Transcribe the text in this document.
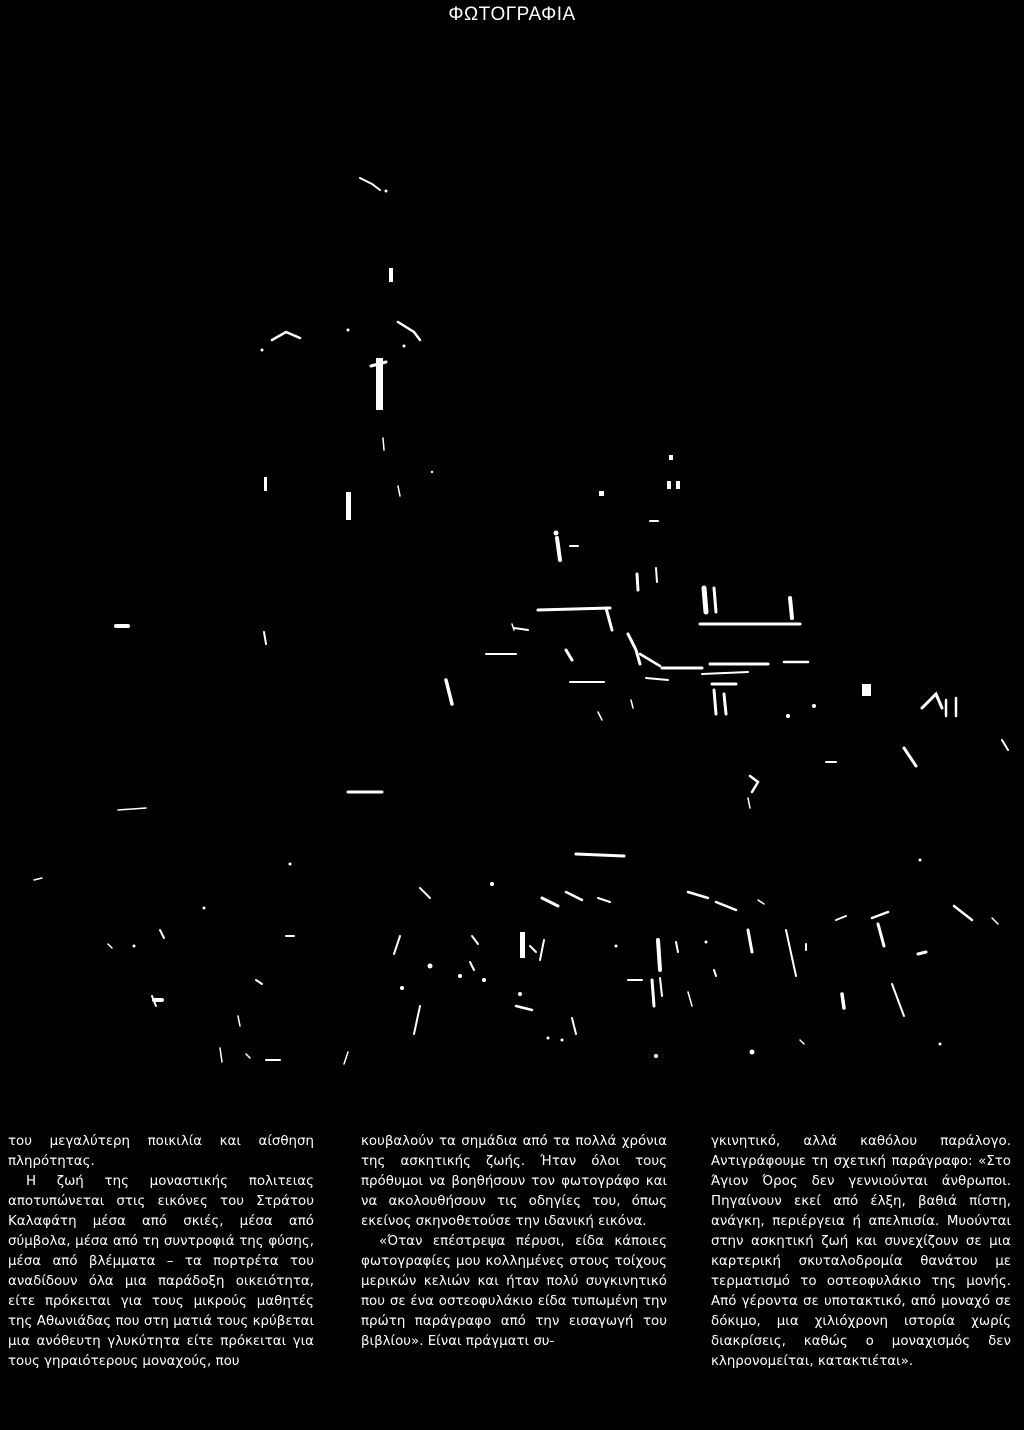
ΦΩΤΟΓΡΑΦΙΑ

του μεγαλύτερη ποικιλία και αίσθηση πληρότητας.

Η ζωή της μοναστικής πολιτειας αποτυπώνεται στις εικόνες του Στράτου Καλαφάτη μέσα από σκιές, μέσα από σύμβολα, μέσα από τη συντροφιά της φύσης, μέσα από βλέμματα – τα πορτρέτα του αναδίδουν όλα μια παράδοξη οικειότητα, είτε πρόκειται για τους μικρούς μαθητές της Αθωνιάδας που στη ματιά τους κρύβεται μια ανόθευτη γλυκύτητα είτε πρόκειται για τους γηραιότερους μοναχούς, που

κουβαλούν τα σημάδια από τα πολλά χρόνια της ασκητικής ζωής. Ήταν όλοι τους πρόθυμοι να βοηθήσουν τον φωτογράφο και να ακολουθήσουν τις οδηγίες του, όπως εκείνος σκηνοθετούσε την ιδανική εικόνα.

«Όταν επέστρεψα πέρυσι, είδα κάποιες φωτογραφίες μου κολλημένες στους τοίχους μερικών κελιών και ήταν πολύ συγκινητικό που σε ένα οστεοφυλάκιο είδα τυπωμένη την πρώτη παράγραφο από την εισαγωγή του βιβλίου». Είναι πράγματι συ-

γκινητικό, αλλά καθόλου παράλογο. Αντιγράφουμε τη σχετική παράγραφο: «Στο Άγιον Όρος δεν γεννιούνται άνθρωποι. Πηγαίνουν εκεί από έλξη, βαθιά πίστη, ανάγκη, περιέργεια ή απελπισία. Μυούνται στην ασκητική ζωή και συνεχίζουν σε μια καρτερική σκυταλοδρομία θανάτου με τερματισμό το οστεοφυλάκιο της μονής. Από γέροντα σε υποτακτικό, από μοναχό σε δόκιμο, μια χιλιόχρονη ιστορία χωρίς διακρίσεις, καθώς ο μοναχισμός δεν κληρονομείται, κατακτιέται».
